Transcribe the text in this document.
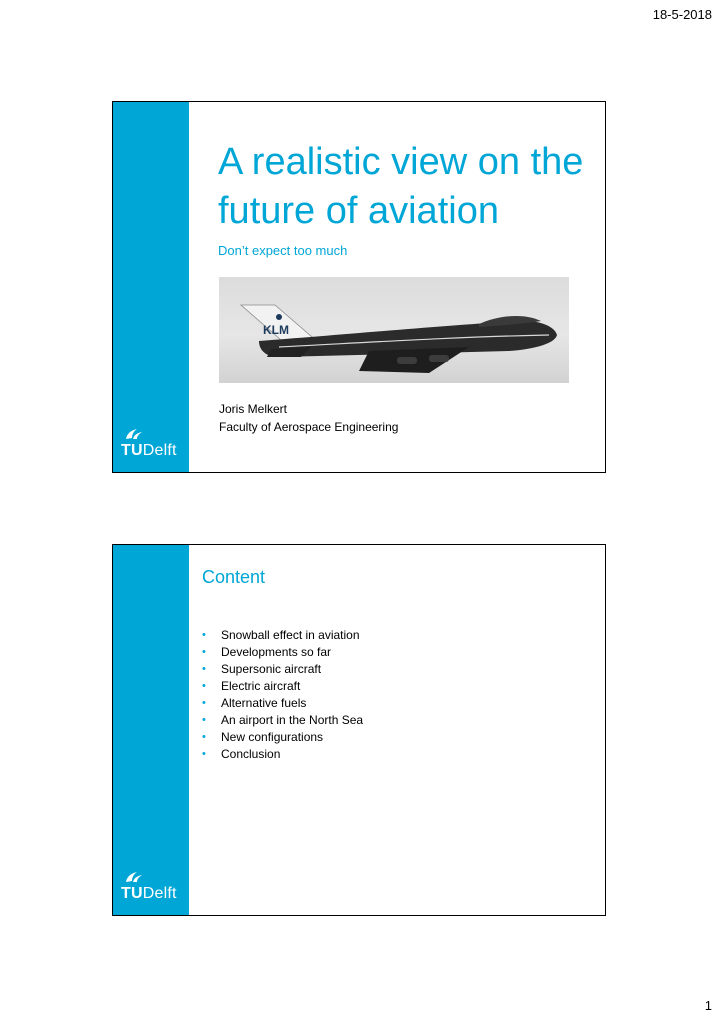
18-5-2018
TUDelft
A realistic view on the future of aviation
Don’t expect too much
KLM
Joris Melkert
Faculty of Aerospace Engineering
TUDelft
Content
• Snowball effect in aviation
• Developments so far
• Supersonic aircraft
• Electric aircraft
• Alternative fuels
• An airport in the North Sea
• New configurations
• Conclusion
1
